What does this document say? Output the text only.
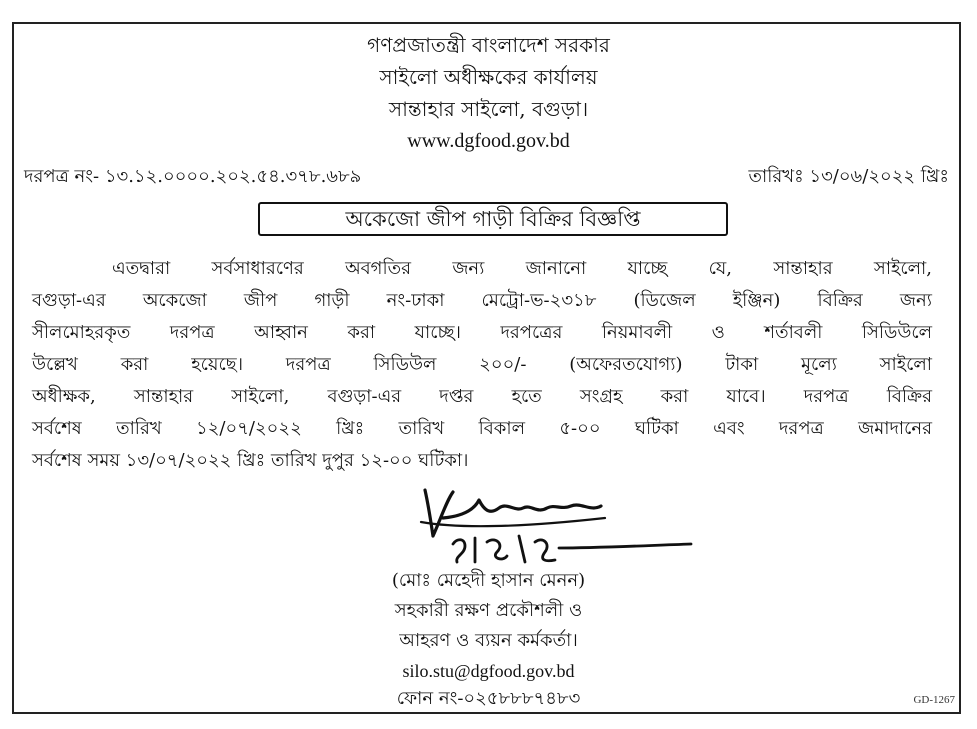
গণপ্রজাতন্ত্রী বাংলাদেশ সরকার
সাইলো অধীক্ষকের কার্যালয়
সান্তাহার সাইলো, বগুড়া।
www.dgfood.gov.bd
দরপত্র নং- ১৩.১২.০০০০.২০২.৫৪.৩৭৮.৬৮৯	তারিখঃ ১৩/০৬/২০২২ খ্রিঃ
অকেজো জীপ গাড়ী বিক্রির বিজ্ঞপ্তি
এতদ্বারা সর্বসাধারণের অবগতির জন্য জানানো যাচ্ছে যে, সান্তাহার সাইলো,
বগুড়া-এর অকেজো জীপ গাড়ী নং-ঢাকা মেট্রো-ভ-২৩১৮ (ডিজেল ইঞ্জিন) বিক্রির জন্য
সীলমোহরকৃত দরপত্র আহ্বান করা যাচ্ছে। দরপত্রের নিয়মাবলী ও শর্তাবলী সিডিউলে
উল্লেখ করা হয়েছে। দরপত্র সিডিউল ২০০/- (অফেরতযোগ্য) টাকা মূল্যে সাইলো
অধীক্ষক, সান্তাহার সাইলো, বগুড়া-এর দপ্তর হতে সংগ্রহ করা যাবে। দরপত্র বিক্রির
সর্বশেষ তারিখ ১২/০৭/২০২২ খ্রিঃ তারিখ বিকাল ৫-০০ ঘটিকা এবং দরপত্র জমাদানের
সর্বশেষ সময় ১৩/০৭/২০২২ খ্রিঃ তারিখ দুপুর ১২-০০ ঘটিকা।
(মোঃ মেহেদী হাসান মেনন)
সহকারী রক্ষণ প্রকৌশলী ও
আহরণ ও ব্যয়ন কর্মকর্তা।
silo.stu@dgfood.gov.bd
ফোন নং-০২৫৮৮৮৭৪৮৩	GD-1267
